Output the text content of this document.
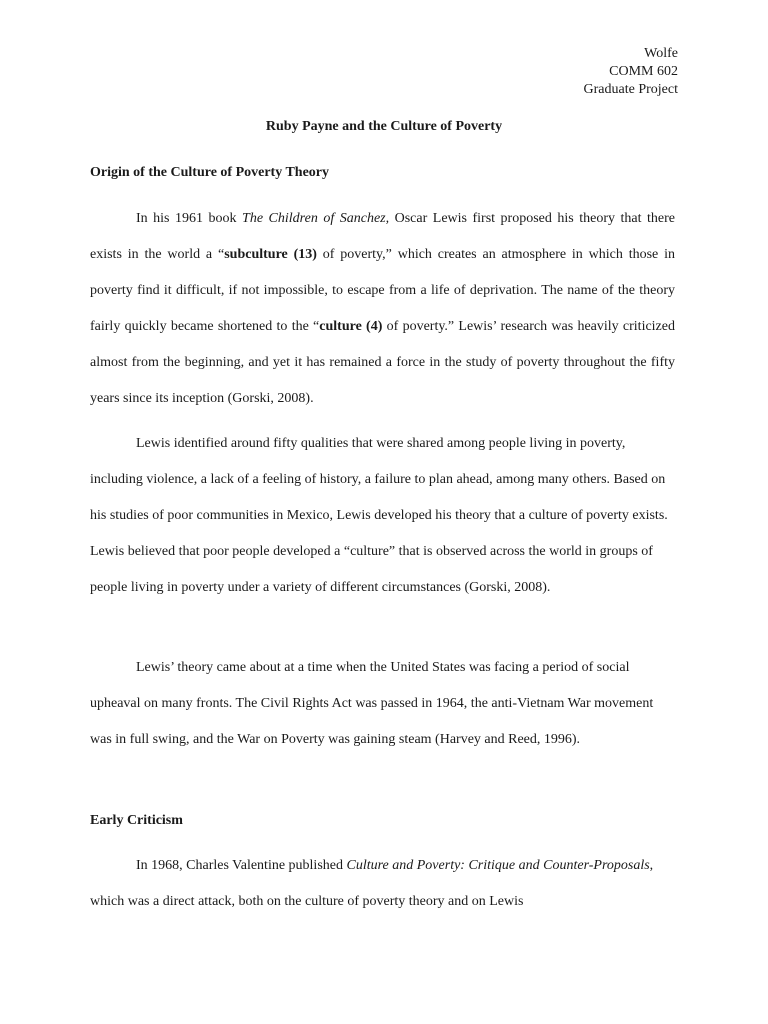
Wolfe
COMM 602
Graduate Project
Ruby Payne and the Culture of Poverty
Origin of the Culture of Poverty Theory
In his 1961 book The Children of Sanchez, Oscar Lewis first proposed his theory that there exists in the world a “subculture (13) of poverty,” which creates an atmosphere in which those in poverty find it difficult, if not impossible, to escape from a life of deprivation. The name of the theory fairly quickly became shortened to the “culture (4) of poverty.” Lewis’ research was heavily criticized almost from the beginning, and yet it has remained a force in the study of poverty throughout the fifty years since its inception (Gorski, 2008).
Lewis identified around fifty qualities that were shared among people living in poverty, including violence, a lack of a feeling of history, a failure to plan ahead, among many others. Based on his studies of poor communities in Mexico, Lewis developed his theory that a culture of poverty exists. Lewis believed that poor people developed a “culture” that is observed across the world in groups of people living in poverty under a variety of different circumstances (Gorski, 2008).
Lewis’ theory came about at a time when the United States was facing a period of social upheaval on many fronts. The Civil Rights Act was passed in 1964, the anti-Vietnam War movement was in full swing, and the War on Poverty was gaining steam (Harvey and Reed, 1996).
Early Criticism
In 1968, Charles Valentine published Culture and Poverty: Critique and Counter-Proposals, which was a direct attack, both on the culture of poverty theory and on Lewis
